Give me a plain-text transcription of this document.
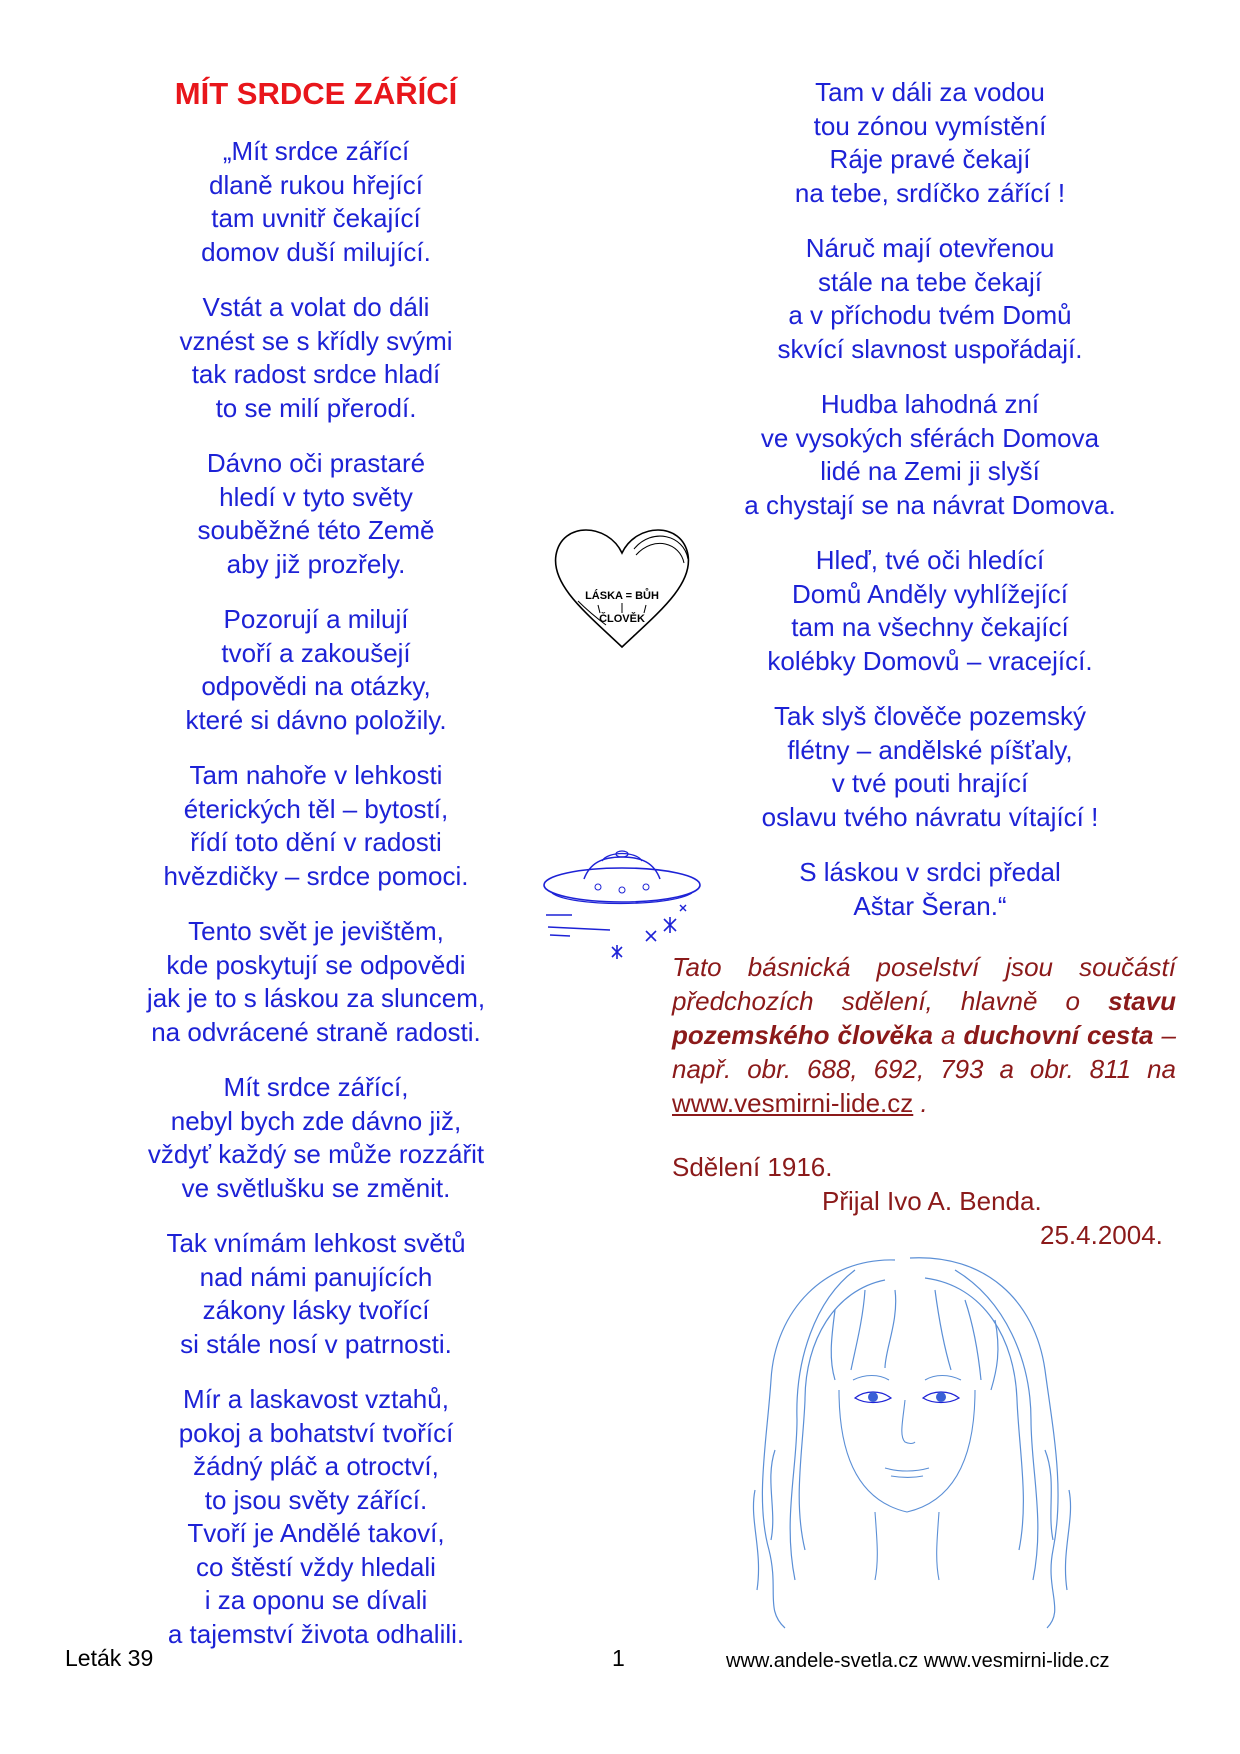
MÍT SRDCE ZÁŘÍCÍ
„Mít srdce zářící
dlaně rukou hřející
tam uvnitř čekající
domov duší milující.
Vstát a volat do dáli
vznést se s křídly svými
tak radost srdce hladí
to se milí přerodí.
Dávno oči prastaré
hledí v tyto světy
souběžné této Země
aby již prozřely.
Pozorují a milují
tvoří a zakoušejí
odpovědi na otázky,
které si dávno položily.
Tam nahoře v lehkosti
éterických těl – bytostí,
řídí toto dění v radosti
hvězdičky – srdce pomoci.
Tento svět je jevištěm,
kde poskytují se odpovědi
jak je to s láskou za sluncem,
na odvrácené straně radosti.
Mít srdce zářící,
nebyl bych zde dávno již,
vždyť každý se může rozzářit
ve světlušku se změnit.
Tak vnímám lehkost světů
nad námi panujících
zákony lásky tvořící
si stále nosí v patrnosti.
Mír a laskavost vztahů,
pokoj a bohatství tvořící
žádný pláč a otroctví,
to jsou světy zářící.
Tvoří je Andělé takoví,
co štěstí vždy hledali
i za oponu se dívali
a tajemství života odhalili.
Tam v dáli za vodou
tou zónou vymístění
Ráje pravé čekají
na tebe, srdíčko zářící !
Náruč mají otevřenou
stále na tebe čekají
a v příchodu tvém Domů
skvící slavnost uspořádají.
Hudba lahodná zní
ve vysokých sférách Domova
lidé na Zemi ji slyší
a chystají se na návrat Domova.
Hleď, tvé oči hledící
Domů Anděly vyhlížející
tam na všechny čekající
kolébky Domovů – vracející.
Tak slyš člověče pozemský
flétny – andělské píšťaly,
v tvé pouti hrající
oslavu tvého návratu vítající !
S láskou v srdci předal
Aštar Šeran.“
LÁSKA = BŮH
ČLOVĚK
Tato básnická poselství jsou součástí předchozích sdělení, hlavně o stavu pozemského člověka a duchovní cesta – např. obr. 688, 692, 793 a obr. 811 na www.vesmirni-lide.cz .
Sdělení 1916.
Přijal Ivo A. Benda.
25.4.2004.
Leták 39	1	www.andele-svetla.cz www.vesmirni-lide.cz
